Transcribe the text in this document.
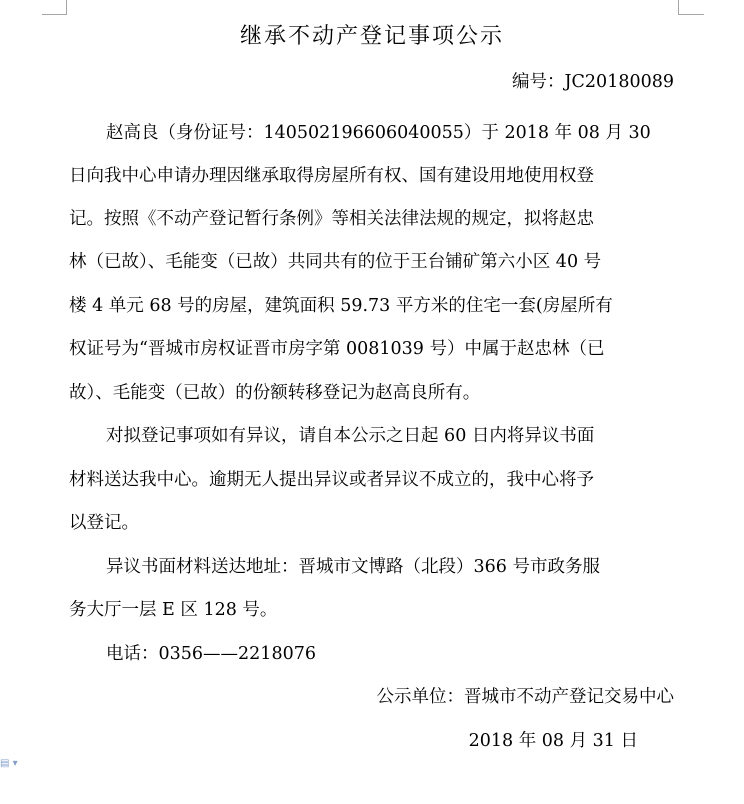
▤ ▾
继承不动产登记事项公示
编号：JC20180089
赵高良（身份证号：140502196606040055）于 2018 年 08 月 30
日向我中心申请办理因继承取得房屋所有权、国有建设用地使用权登
记。按照《不动产登记暂行条例》等相关法律法规的规定，拟将赵忠
林（已故）、毛能变（已故）共同共有的位于王台铺矿第六小区 40 号
楼 4 单元 68 号的房屋，建筑面积 59.73 平方米的住宅一套(房屋所有
权证号为“晋城市房权证晋市房字第 0081039 号）中属于赵忠林（已
故）、毛能变（已故）的份额转移登记为赵高良所有。
对拟登记事项如有异议，请自本公示之日起 60 日内将异议书面
材料送达我中心。逾期无人提出异议或者异议不成立的，我中心将予
以登记。
异议书面材料送达地址：晋城市文博路（北段）366 号市政务服
务大厅一层 E 区 128 号。
电话：0356——2218076
公示单位：晋城市不动产登记交易中心
2018 年 08 月 31 日
